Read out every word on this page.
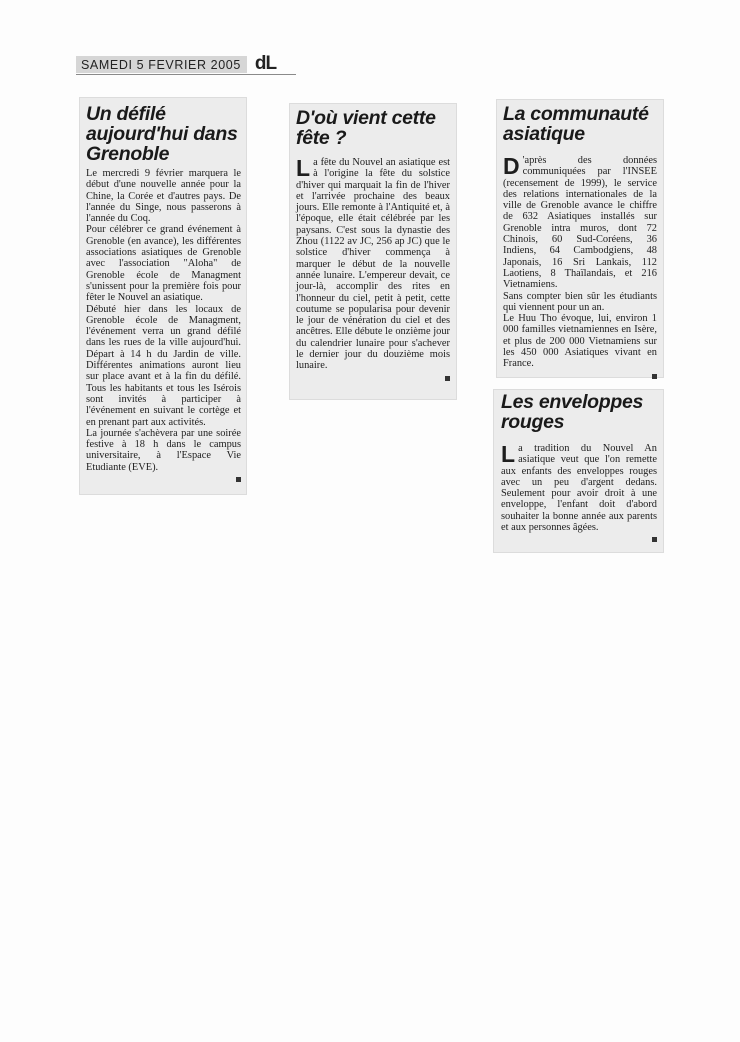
SAMEDI 5 FEVRIER 2005 dL
Un défilé aujourd'hui dans Grenoble

Le mercredi 9 février marquera le début d'une nouvelle année pour la Chine, la Corée et d'autres pays. De l'année du Singe, nous passerons à l'année du Coq.

Pour célébrer ce grand événement à Grenoble (en avance), les différentes associations asiatiques de Grenoble avec l'association "Aloha" de Grenoble école de Managment s'unissent pour la première fois pour fêter le Nouvel an asiatique.

Débuté hier dans les locaux de Grenoble école de Managment, l'événement verra un grand défilé dans les rues de la ville aujourd'hui. Départ à 14 h du Jardin de ville. Différentes animations auront lieu sur place avant et à la fin du défilé. Tous les habitants et tous les Isérois sont invités à participer à l'événement en suivant le cortège et en prenant part aux activités.

La journée s'achèvera par une soirée festive à 18 h dans le campus universitaire, à l'Espace Vie Etudiante (EVE).

D'où vient cette fête ?
L a fête du Nouvel an asiatique est à l'origine la fête du solstice d'hiver qui marquait la fin de l'hiver et l'arrivée prochaine des beaux jours. Elle remonte à l'Antiquité et, à l'époque, elle était célébrée par les paysans. C'est sous la dynastie des Zhou (1122 av JC, 256 ap JC) que le solstice d'hiver commença à marquer le début de la nouvelle année lunaire. L'empereur devait, ce jour-là, accomplir des rites en l'honneur du ciel, petit à petit, cette coutume se popularisa pour devenir le jour de vénération du ciel et des ancêtres. Elle débute le onzième jour du calendrier lunaire pour s'achever le dernier jour du douzième mois lunaire.

La communauté asiatique
D 'après des données communiquées par l'INSEE (recensement de 1999), le service des relations internationales de la ville de Grenoble avance le chiffre de 632 Asiatiques installés sur Grenoble intra muros, dont 72 Chinois, 60 Sud-Coréens, 36 Indiens, 64 Cambodgiens, 48 Japonais, 16 Sri Lankais, 112 Laotiens, 8 Thaïlandais, et 216 Vietnamiens.

Sans compter bien sûr les étudiants qui viennent pour un an.

Le Huu Tho évoque, lui, environ 1 000 familles vietnamiennes en Isère, et plus de 200 000 Vietnamiens sur les 450 000 Asiatiques vivant en France.

Les enveloppes rouges
L a tradition du Nouvel An asiatique veut que l'on remette aux enfants des enveloppes rouges avec un peu d'argent dedans. Seulement pour avoir droit à une enveloppe, l'enfant doit d'abord souhaiter la bonne année aux parents et aux personnes âgées.
